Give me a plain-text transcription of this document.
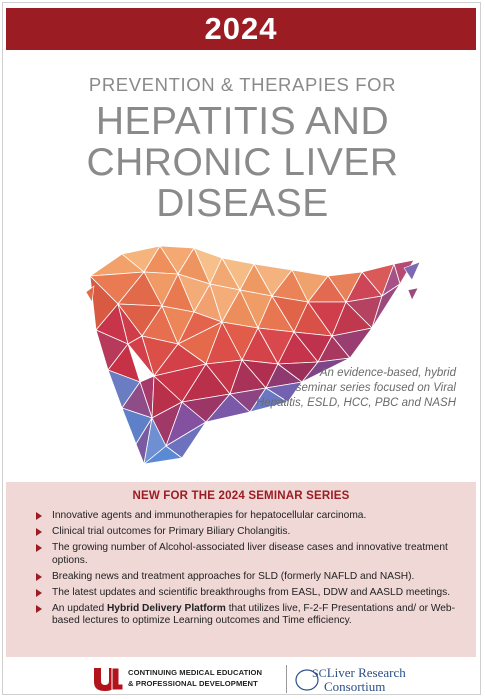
2024
PREVENTION & THERAPIES FOR
HEPATITIS AND
CHRONIC LIVER
DISEASE
An evidence-based, hybrid
seminar series focused on Viral
Hepatitis, ESLD, HCC, PBC and NASH
NEW FOR THE 2024 SEMINAR SERIES
Innovative agents and immunotherapies for hepatocellular carcinoma.
Clinical trial outcomes for Primary Biliary Cholangitis.
The growing number of Alcohol-associated liver disease cases and innovative treatment options.
Breaking news and treatment approaches for SLD (formerly NAFLD and NASH).
The latest updates and scientific breakthroughs from EASL, DDW and AASLD meetings.
An updated Hybrid Delivery Platform that utilizes live, F-2-F Presentations and/ or Web-based lectures to optimize Learning outcomes and Time efficiency.
CONTINUING MEDICAL EDUCATION
& PROFESSIONAL DEVELOPMENT
SCLiver Research
Consortium
